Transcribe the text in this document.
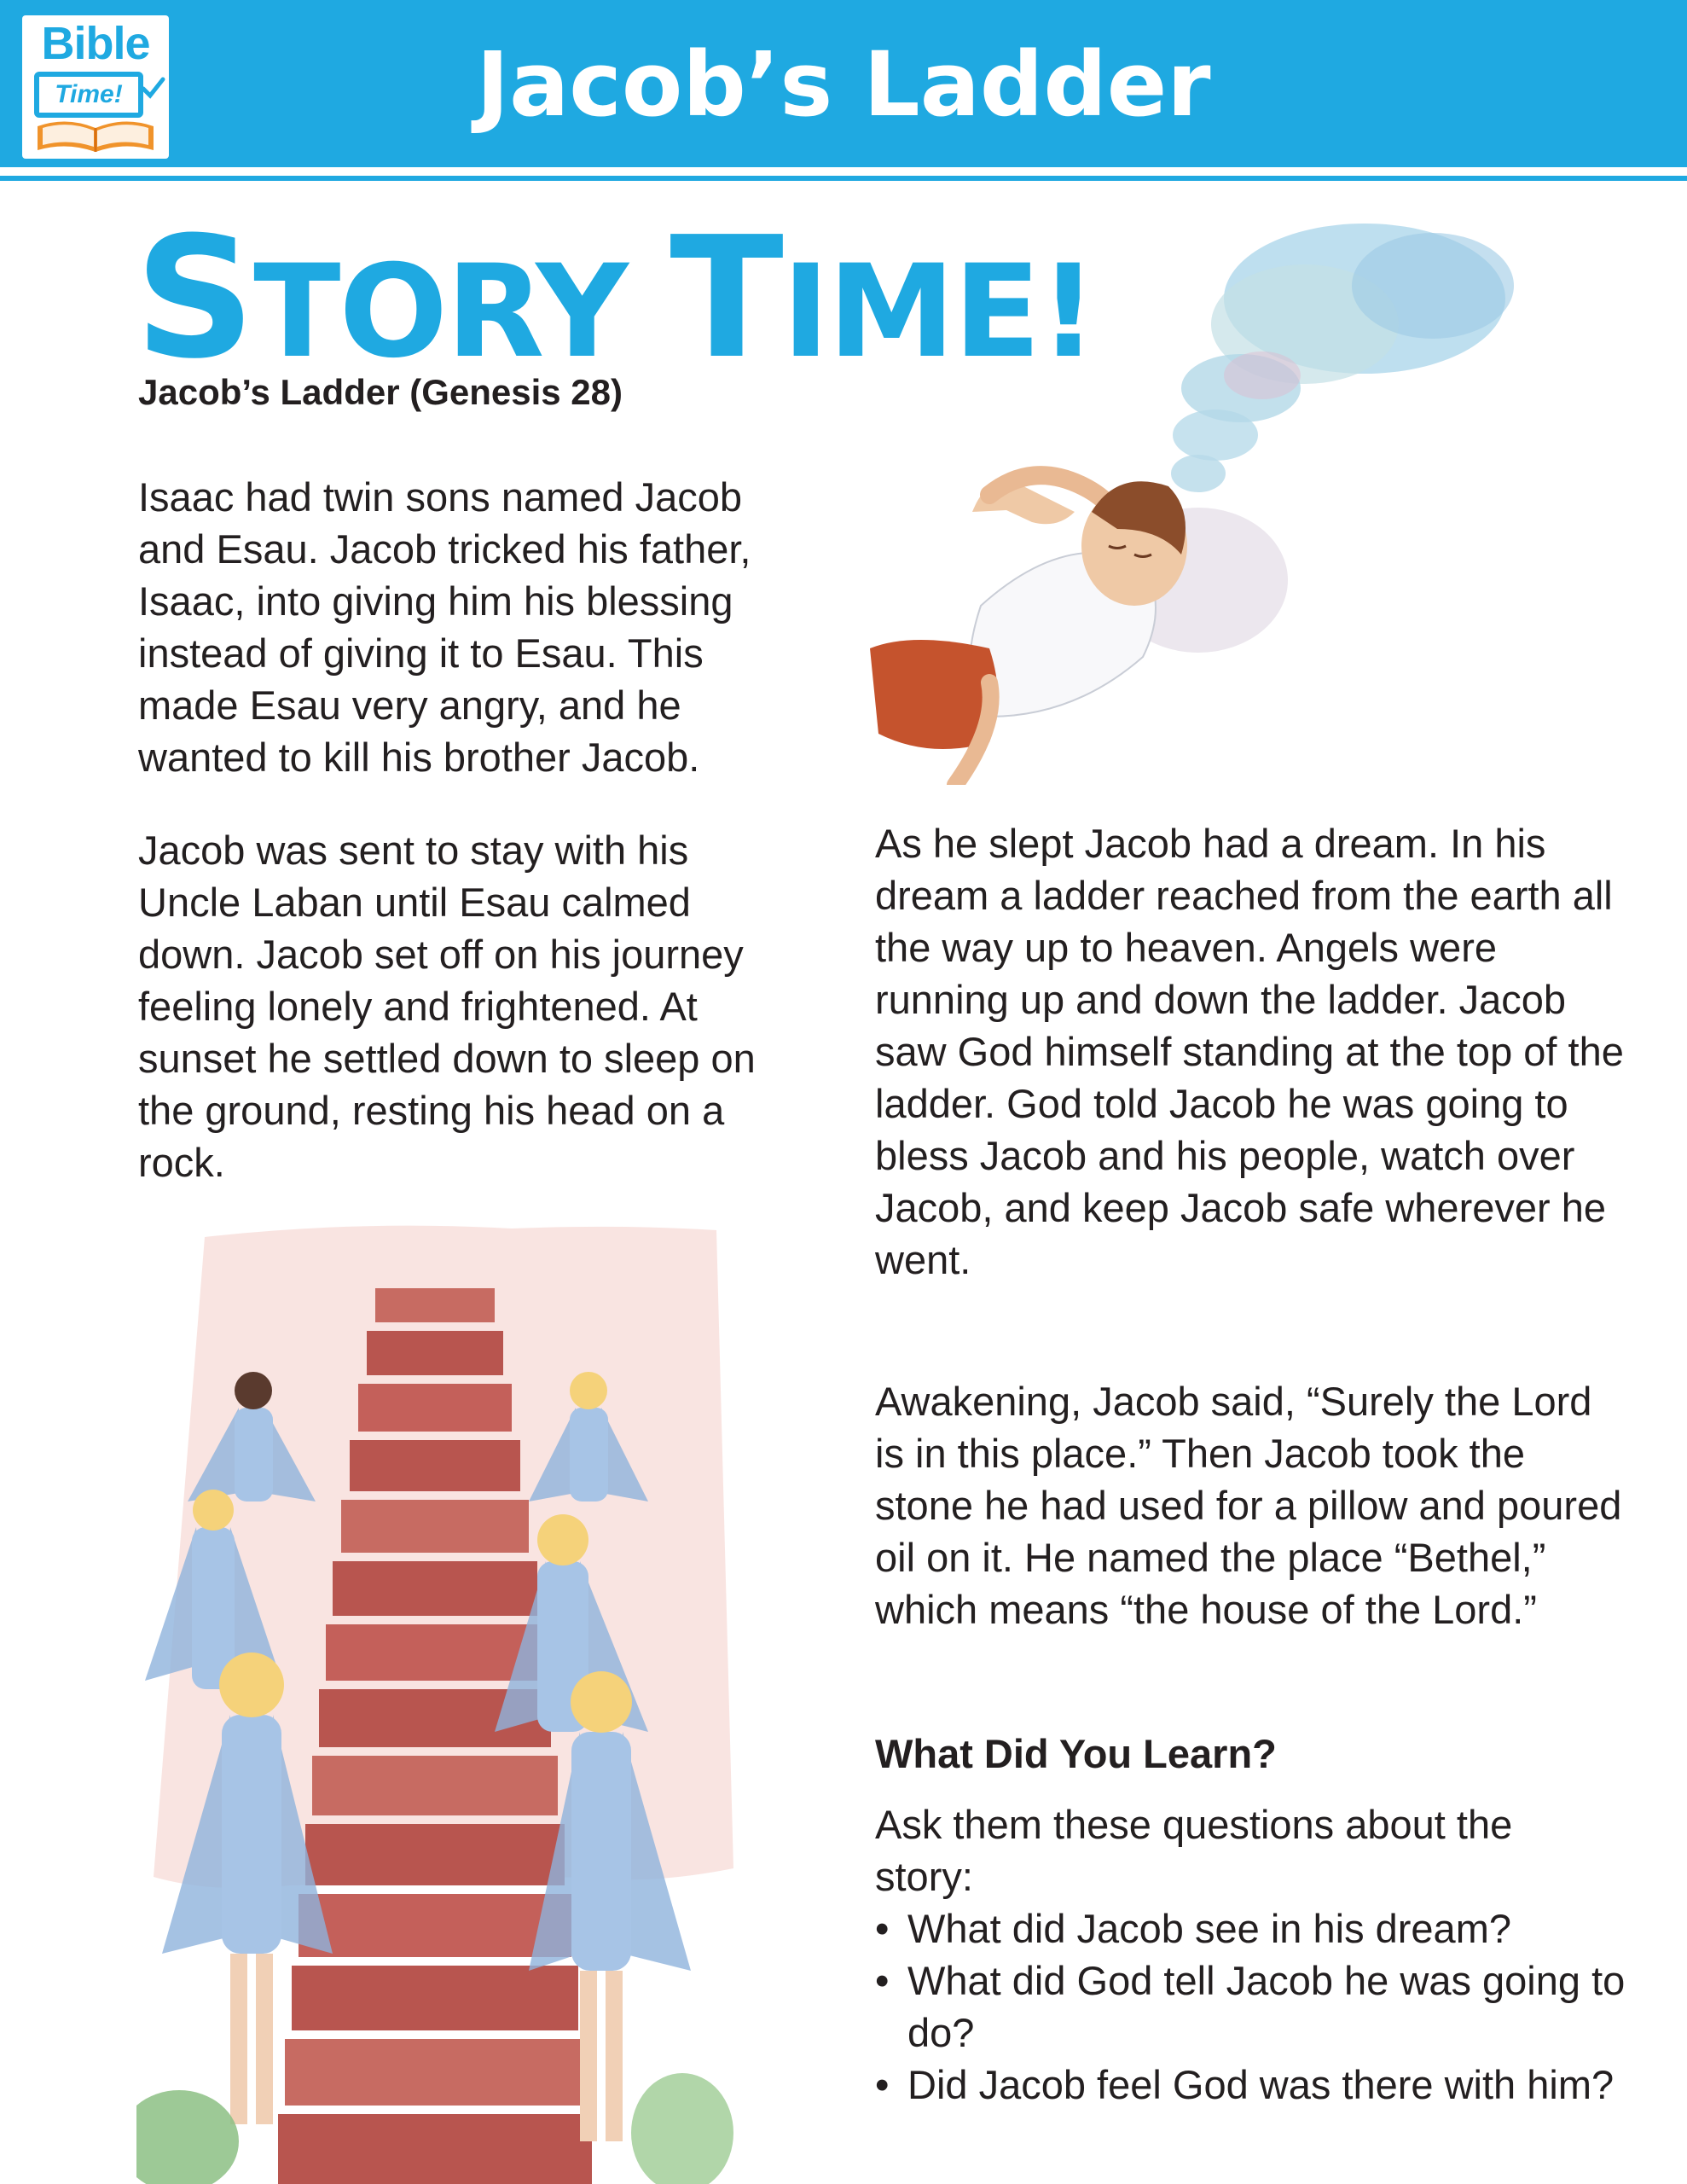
Bible
Time!	Jacob’s Ladder
STORY TIME!
Jacob’s Ladder (Genesis 28)

Isaac had twin sons named Jacob and Esau. Jacob tricked his father, Isaac, into giving him his blessing instead of giving it to Esau. This made Esau very angry, and he wanted to kill his brother Jacob.

Jacob was sent to stay with his Uncle Laban until Esau calmed down. Jacob set off on his journey feeling lonely and frightened. At sunset he settled down to sleep on the ground, resting his head on a rock.

As he slept Jacob had a dream. In his dream a ladder reached from the earth all the way up to heaven. Angels were running up and down the ladder. Jacob saw God himself standing at the top of the ladder. God told Jacob he was going to bless Jacob and his people, watch over Jacob, and keep Jacob safe wherever he went.

Awakening, Jacob said, “Surely the Lord is in this place.” Then Jacob took the stone he had used for a pillow and poured oil on it. He named the place “Bethel,” which means “the house of the Lord.”

What Did You Learn?

Ask them these questions about the story:

• What did Jacob see in his dream?
• What did God tell Jacob he was going to do?
• Did Jacob feel God was there with him?
